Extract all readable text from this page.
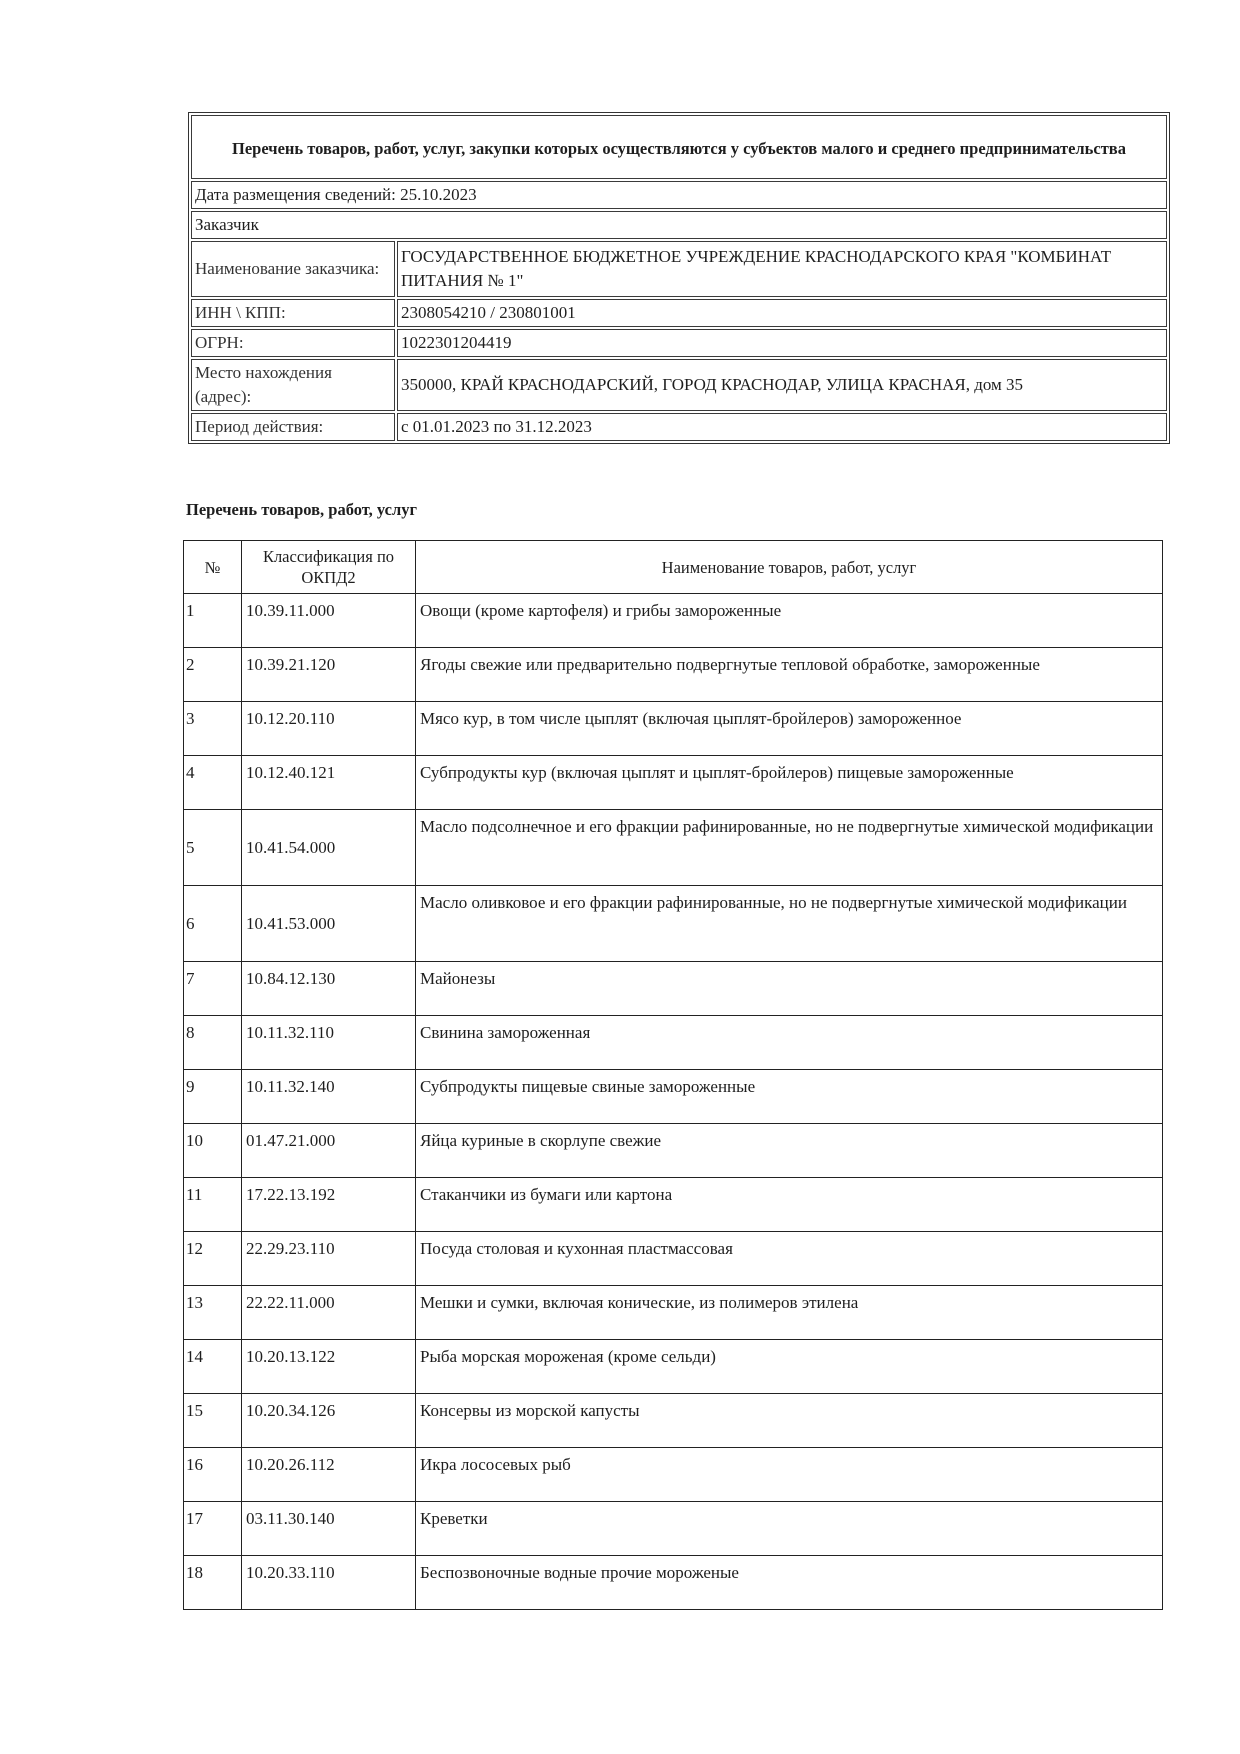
Перечень товаров, работ, услуг, закупки которых осуществляются у субъектов малого и среднего предпринимательства	
Дата размещения сведений: 25.10.2023	
Заказчик	
Наименование заказчика:	ГОСУДАРСТВЕННОЕ БЮДЖЕТНОЕ УЧРЕЖДЕНИЕ КРАСНОДАРСКОГО КРАЯ "КОМБИНАТ ПИТАНИЯ № 1"
ИНН \ КПП:	2308054210 / 230801001
ОГРН:	1022301204419
Место нахождения (адрес):	350000, КРАЙ КРАСНОДАРСКИЙ, ГОРОД КРАСНОДАР, УЛИЦА КРАСНАЯ, дом 35
Период действия:	с 01.01.2023 по 31.12.2023
Перечень товаров, работ, услуг
№	Классификация по ОКПД2	Наименование товаров, работ, услуг
1	10.39.11.000	Овощи (кроме картофеля) и грибы замороженные
2	10.39.21.120	Ягоды свежие или предварительно подвергнутые тепловой обработке, замороженные
3	10.12.20.110	Мясо кур, в том числе цыплят (включая цыплят-бройлеров) замороженное
4	10.12.40.121	Субпродукты кур (включая цыплят и цыплят-бройлеров) пищевые замороженные
5	10.41.54.000	Масло подсолнечное и его фракции рафинированные, но не подвергнутые химической модификации
6	10.41.53.000	Масло оливковое и его фракции рафинированные, но не подвергнутые химической модификации
7	10.84.12.130	Майонезы
8	10.11.32.110	Свинина замороженная
9	10.11.32.140	Субпродукты пищевые свиные замороженные
10	01.47.21.000	Яйца куриные в скорлупе свежие
11	17.22.13.192	Стаканчики из бумаги или картона
12	22.29.23.110	Посуда столовая и кухонная пластмассовая
13	22.22.11.000	Мешки и сумки, включая конические, из полимеров этилена
14	10.20.13.122	Рыба морская мороженая (кроме сельди)
15	10.20.34.126	Консервы из морской капусты
16	10.20.26.112	Икра лососевых рыб
17	03.11.30.140	Креветки
18	10.20.33.110	Беспозвоночные водные прочие мороженые
